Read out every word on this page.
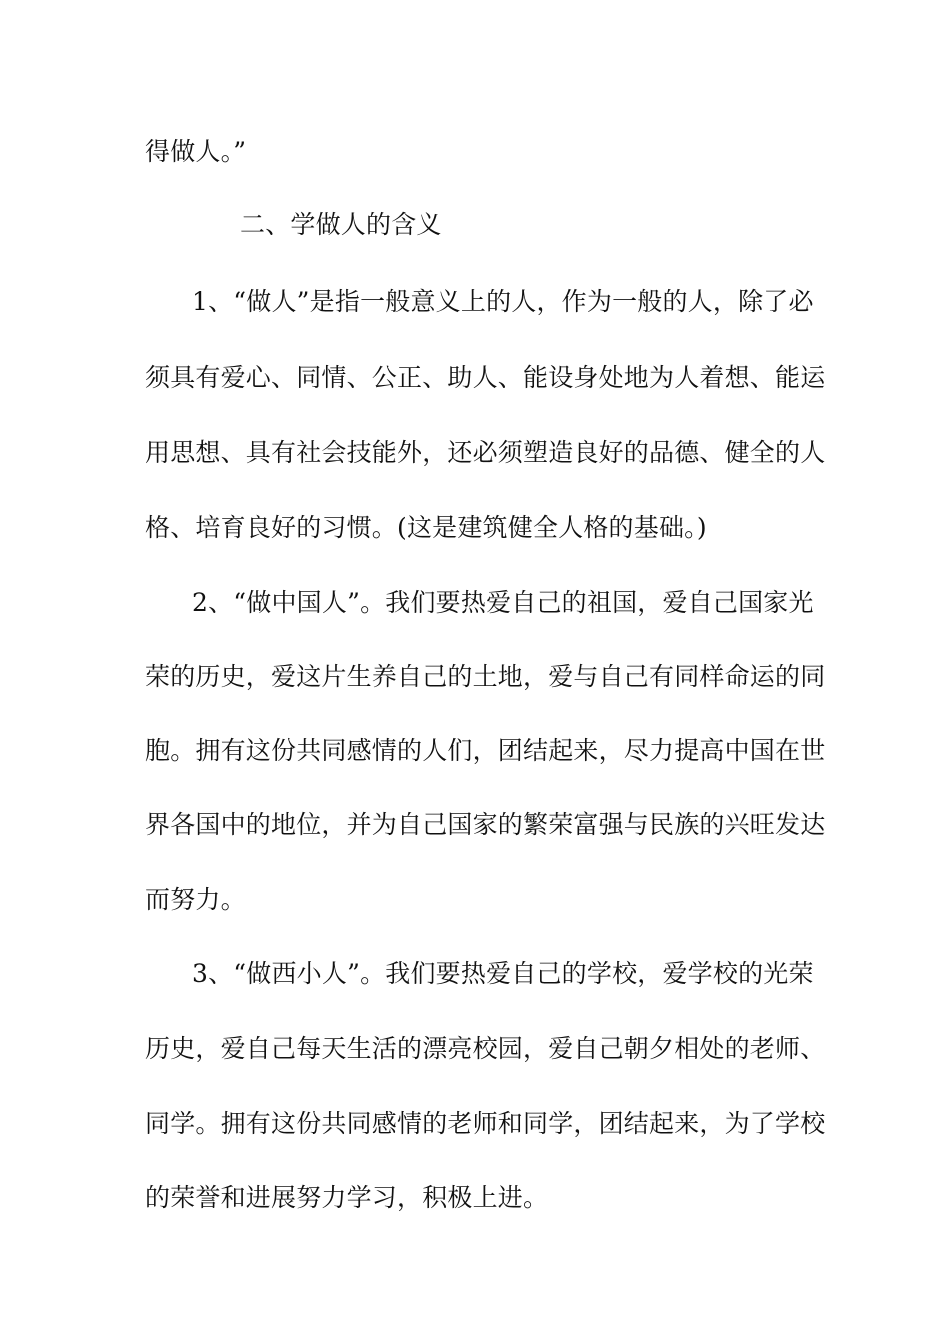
得做人。”
二、学做人的含义
1、“做人”是指一般意义上的人，作为一般的人，除了必
须具有爱心、同情、公正、助人、能设身处地为人着想、能运
用思想、具有社会技能外，还必须塑造良好的品德、健全的人
格、培育良好的习惯。(这是建筑健全人格的基础。)
2、“做中国人”。我们要热爱自己的祖国，爱自己国家光
荣的历史，爱这片生养自己的土地，爱与自己有同样命运的同
胞。拥有这份共同感情的人们，团结起来，尽力提高中国在世
界各国中的地位，并为自己国家的繁荣富强与民族的兴旺发达
而努力。
3、“做西小人”。我们要热爱自己的学校，爱学校的光荣
历史，爱自己每天生活的漂亮校园，爱自己朝夕相处的老师、
同学。拥有这份共同感情的老师和同学，团结起来，为了学校
的荣誉和进展努力学习，积极上进。
